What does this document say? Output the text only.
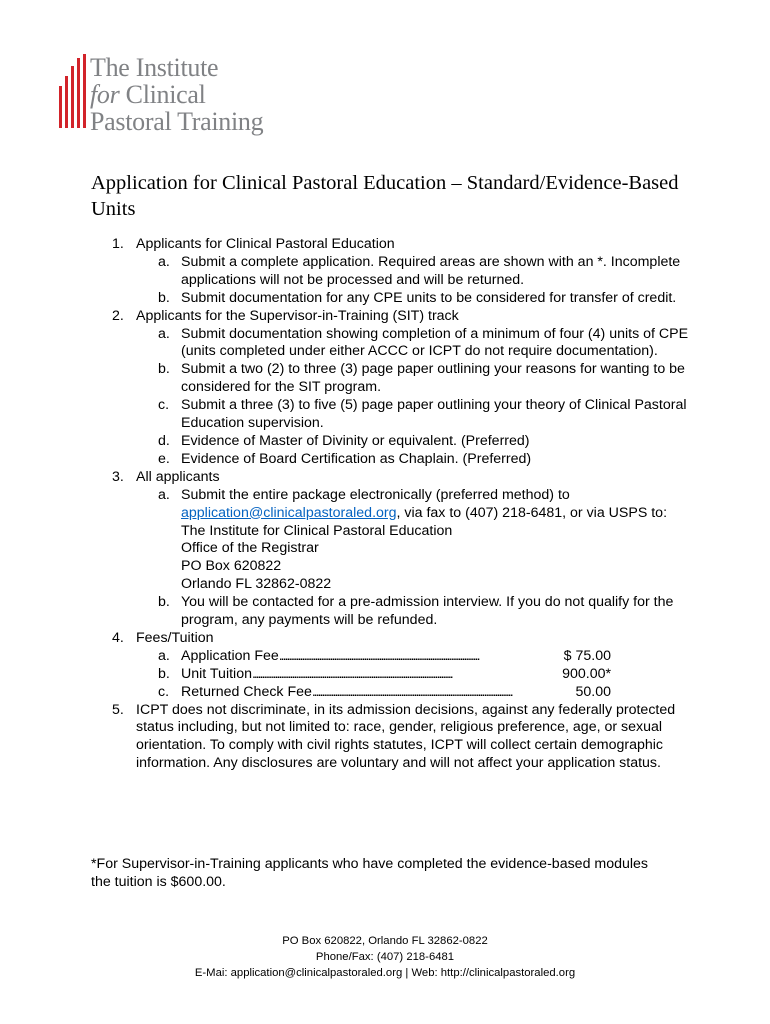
The Institute
for Clinical
Pastoral Training
Application for Clinical Pastoral Education – Standard/Evidence-Based Units
1. Applicants for Clinical Pastoral Education
a. Submit a complete application. Required areas are shown with an *. Incomplete applications will not be processed and will be returned.
b. Submit documentation for any CPE units to be considered for transfer of credit.
2. Applicants for the Supervisor-in-Training (SIT) track
a. Submit documentation showing completion of a minimum of four (4) units of CPE (units completed under either ACCC or ICPT do not require documentation).
b. Submit a two (2) to three (3) page paper outlining your reasons for wanting to be considered for the SIT program.
c. Submit a three (3) to five (5) page paper outlining your theory of Clinical Pastoral Education supervision.
d. Evidence of Master of Divinity or equivalent. (Preferred)
e. Evidence of Board Certification as Chaplain. (Preferred)
3. All applicants
a. Submit the entire package electronically (preferred method) to
application@clinicalpastoraled.org, via fax to (407) 218-6481, or via USPS to:
The Institute for Clinical Pastoral Education
Office of the Registrar
PO Box 620822
Orlando FL 32862-0822
b. You will be contacted for a pre-admission interview. If you do not qualify for the program, any payments will be refunded.
4. Fees/Tuition
a. Application Fee . . .	$ 75.00
b. Unit Tuition . . .	900.00*
c. Returned Check Fee . . .	50.00
5. ICPT does not discriminate, in its admission decisions, against any federally protected status including, but not limited to: race, gender, religious preference, age, or sexual orientation. To comply with civil rights statutes, ICPT will collect certain demographic information. Any disclosures are voluntary and will not affect your application status.
*For Supervisor-in-Training applicants who have completed the evidence-based modules the tuition is $600.00.
PO Box 620822, Orlando FL 32862-0822
Phone/Fax: (407) 218-6481
E-Mai: application@clinicalpastoraled.org | Web: http://clinicalpastoraled.org
